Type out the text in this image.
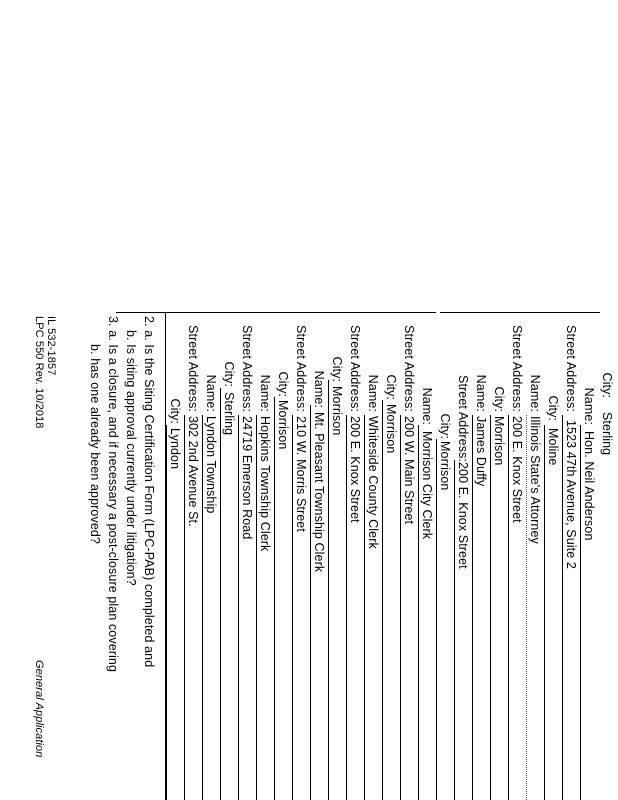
City:
Sterling
Name:
Hon. Neil Anderson
Street Address:
1523 47th Avenue, Suite 2
City:
Moline
Name:
Illinois State's Attorney
Street Address:
200 E. Knox Street
City:
Morrison
Name:
James Duffy
Street Address:
200 E. Knox Street
City:
Morrison
Name:
Morrison City Clerk
Street Address:
200 W. Main Street
City:
Morrison
Name:
Whiteside County Clerk
Street Address:
200 E. Knox Street
City:
Morrison
Name:
Mt. Pleasant Township Clerk
Street Address:
210 W. Morris Street
City:
Morrison
Name:
Hopkins Township Clerk
Street Address:
24719 Emerson Road
City:
Sterling
Name:
Lyndon Township
Street Address:
302 2nd Avenue St.
City:
Lyndon
2. a. Is the Siting Certification Form (LPC-PAB) completed and
b. Is siting approval currently under litigation?
3. a. Is a closure, and if necessary a post-closure plan covering
b. has one already been approved?
IL 532-1857
LPC 550 Rev. 10/2018
General Application
